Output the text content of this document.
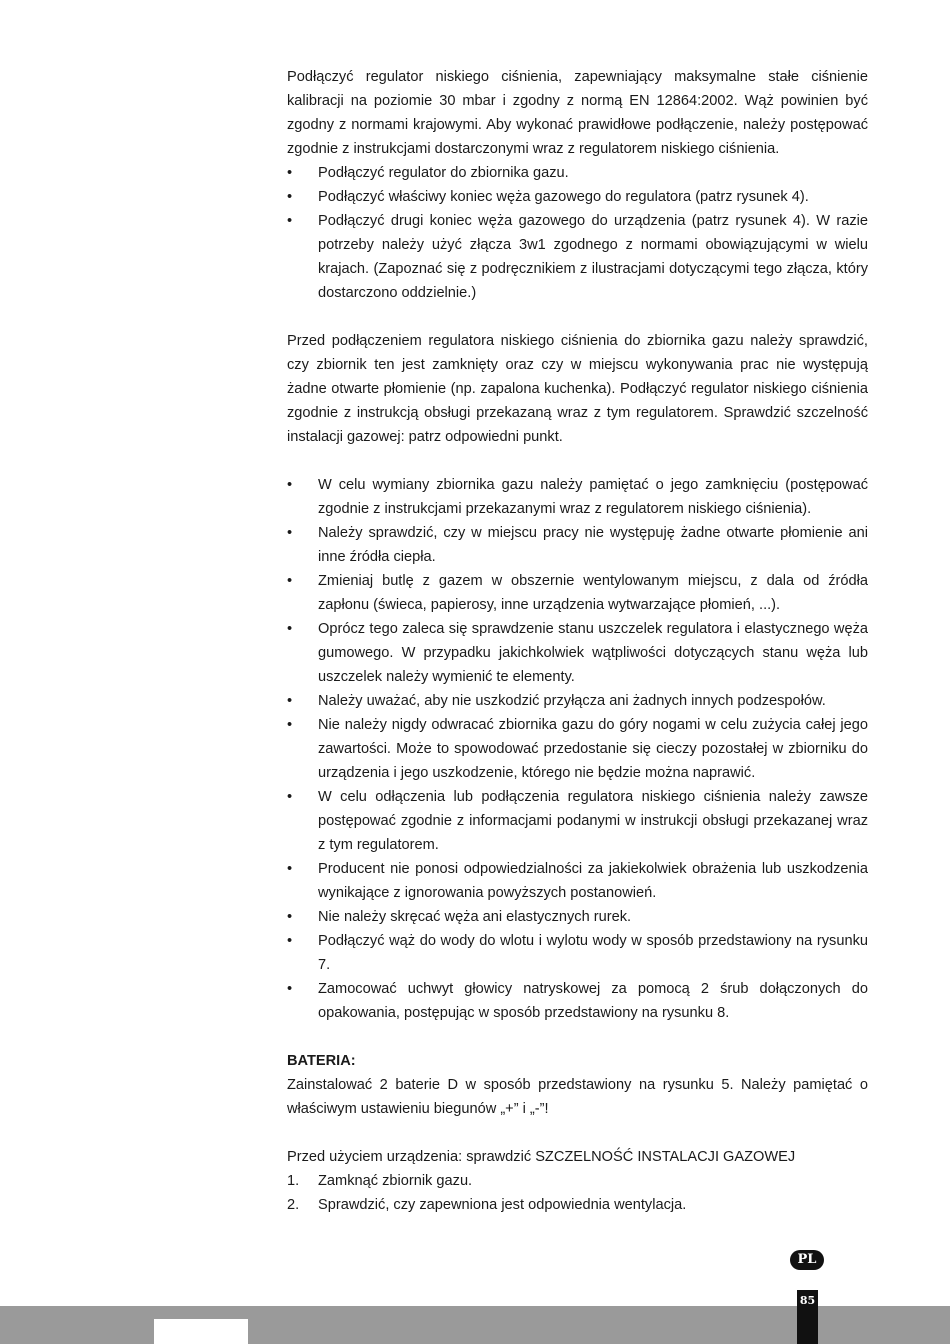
Podłączyć regulator niskiego ciśnienia, zapewniający maksymalne stałe ciśnienie kalibracji na poziomie 30 mbar i zgodny z normą EN 12864:2002. Wąż powinien być zgodny z normami krajowymi. Aby wykonać prawidłowe podłączenie, należy postępować zgodnie z instrukcjami dostarczonymi wraz z regulatorem niskiego ciśnienia.

• Podłączyć regulator do zbiornika gazu.
• Podłączyć właściwy koniec węża gazowego do regulatora (patrz rysunek 4).
• Podłączyć drugi koniec węża gazowego do urządzenia (patrz rysunek 4). W razie potrzeby należy użyć złącza 3w1 zgodnego z normami obowiązującymi w wielu krajach. (Zapoznać się z podręcznikiem z ilustracjami dotyczącymi tego złącza, który dostarczono oddzielnie.)

Przed podłączeniem regulatora niskiego ciśnienia do zbiornika gazu należy sprawdzić, czy zbiornik ten jest zamknięty oraz czy w miejscu wykonywania prac nie występują żadne otwarte płomienie (np. zapalona kuchenka). Podłączyć regulator niskiego ciśnienia zgodnie z instrukcją obsługi przekazaną wraz z tym regulatorem. Sprawdzić szczelność instalacji gazowej: patrz odpowiedni punkt.

• W celu wymiany zbiornika gazu należy pamiętać o jego zamknięciu (postępować zgodnie z instrukcjami przekazanymi wraz z regulatorem niskiego ciśnienia).
• Należy sprawdzić, czy w miejscu pracy nie występuję żadne otwarte płomienie ani inne źródła ciepła.
• Zmieniaj butlę z gazem w obszernie wentylowanym miejscu, z dala od źródła zapłonu (świeca, papierosy, inne urządzenia wytwarzające płomień, ...).
• Oprócz tego zaleca się sprawdzenie stanu uszczelek regulatora i elastycznego węża gumowego. W przypadku jakichkolwiek wątpliwości dotyczących stanu węża lub uszczelek należy wymienić te elementy.
• Należy uważać, aby nie uszkodzić przyłącza ani żadnych innych podzespołów.
• Nie należy nigdy odwracać zbiornika gazu do góry nogami w celu zużycia całej jego zawartości. Może to spowodować przedostanie się cieczy pozostałej w zbiorniku do urządzenia i jego uszkodzenie, którego nie będzie można naprawić.
• W celu odłączenia lub podłączenia regulatora niskiego ciśnienia należy zawsze postępować zgodnie z informacjami podanymi w instrukcji obsługi przekazanej wraz z tym regulatorem.
• Producent nie ponosi odpowiedzialności za jakiekolwiek obrażenia lub uszkodzenia wynikające z ignorowania powyższych postanowień.
• Nie należy skręcać węża ani elastycznych rurek.
• Podłączyć wąż do wody do wlotu i wylotu wody w sposób przedstawiony na rysunku 7.
• Zamocować uchwyt głowicy natryskowej za pomocą 2 śrub dołączonych do opakowania, postępując w sposób przedstawiony na rysunku 8.

BATERIA:

Zainstalować 2 baterie D w sposób przedstawiony na rysunku 5. Należy pamiętać o właściwym ustawieniu biegunów „+” i „-”!

Przed użyciem urządzenia: sprawdzić SZCZELNOŚĆ INSTALACJI GAZOWEJ

1. Zamknąć zbiornik gazu.
2. Sprawdzić, czy zapewniona jest odpowiednia wentylacja.
PL
85
